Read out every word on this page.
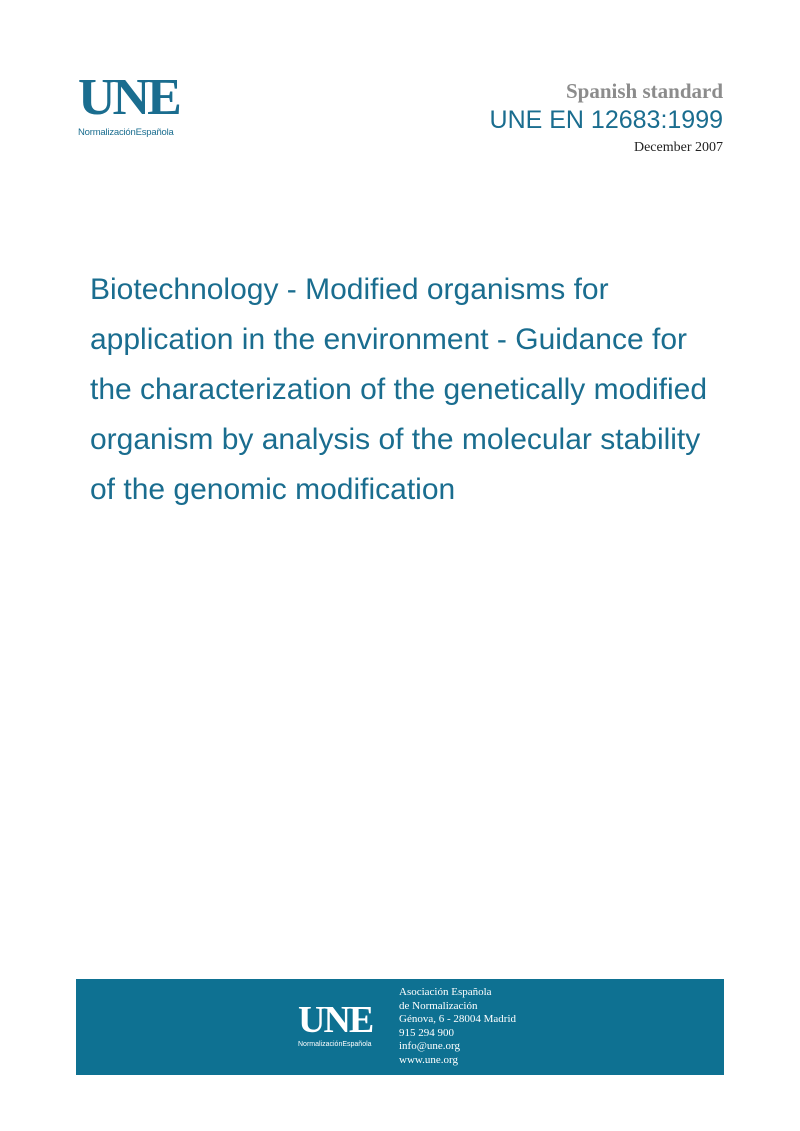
UNE
NormalizaciónEspañola
Spanish standard
UNE EN 12683:1999
December 2007
Biotechnology - Modified organisms for application in the environment - Guidance for the characterization of the genetically modified organism by analysis of the molecular stability of the genomic modification
UNE
NormalizaciónEspañola
Asociación Española
de Normalización
Génova, 6 - 28004 Madrid
915 294 900
info@une.org
www.une.org
